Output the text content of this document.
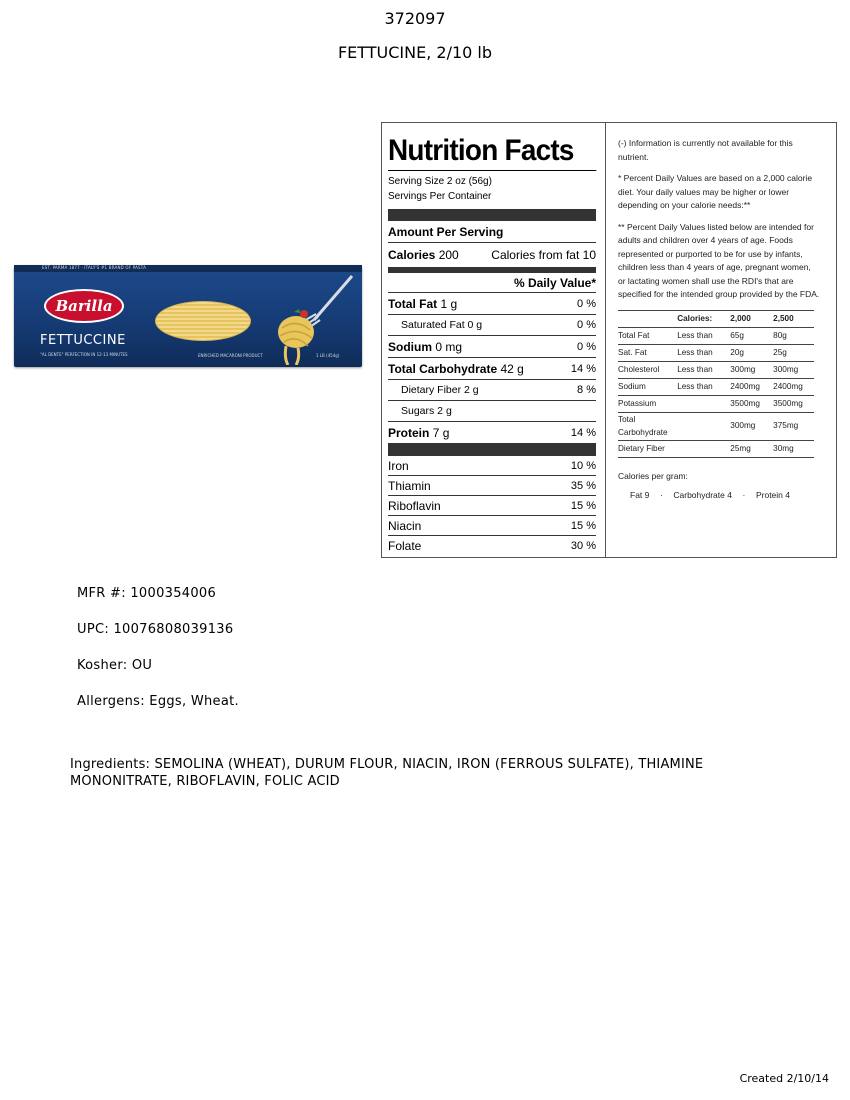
372097
FETTUCINE, 2/10 lb
EST. PARMA 1877 · ITALY'S #1 BRAND OF PASTA
Barilla
FETTUCCINE
"AL DENTE" PERFECTION IN 12-13 MINUTES	ENRICHED MACARONI PRODUCT	1 LB (454g)
Nutrition Facts
Serving Size 2 oz (56g)
Servings Per Container
Amount Per Serving
Calories 200	Calories from fat 10
% Daily Value*
Total Fat 1 g	0 %
Saturated Fat 0 g	0 %
Sodium 0 mg	0 %
Total Carbohydrate 42 g	14 %
Dietary Fiber 2 g	8 %
Sugars 2 g
Protein 7 g	14 %
Iron	10 %
Thiamin	35 %
Riboflavin	15 %
Niacin	15 %
Folate	30 %

(-) Information is currently not available for this nutrient.

* Percent Daily Values are based on a 2,000 calorie diet. Your daily values may be higher or lower depending on your calorie needs:**

** Percent Daily Values listed below are intended for adults and children over 4 years of age. Foods represented or purported to be for use by infants, children less than 4 years of age, pregnant women, or lactating women shall use the RDI's that are specified for the intended group provided by the FDA.

	Calories:	2,000	2,500
Total Fat	Less than	65g	80g
Sat. Fat	Less than	20g	25g
Cholesterol	Less than	300mg	300mg
Sodium	Less than	2400mg	2400mg
Potassium		3500mg	3500mg
Total Carbohydrate		300mg	375mg
Dietary Fiber		25mg	30mg
Calories per gram:
Fat 9 · Carbohydrate 4 · Protein 4
MFR #: 1000354006
UPC: 10076808039136
Kosher: OU
Allergens: Eggs, Wheat.
Ingredients: SEMOLINA (WHEAT), DURUM FLOUR, NIACIN, IRON (FERROUS SULFATE), THIAMINE MONONITRATE, RIBOFLAVIN, FOLIC ACID
Created 2/10/14
